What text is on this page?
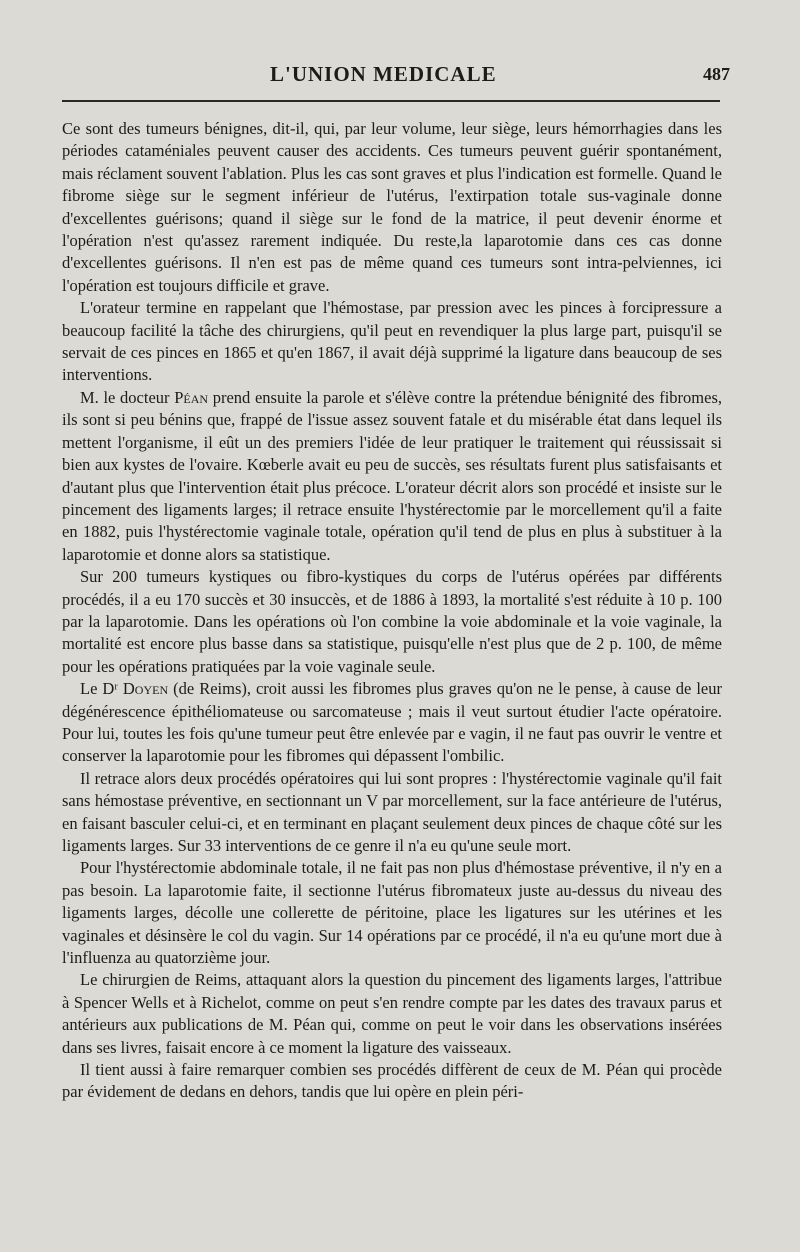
L'UNION MEDICALE	487

Ce sont des tumeurs bénignes, dit-il, qui, par leur volume, leur siège, leurs hémorrhagies dans les périodes cataméniales peuvent causer des accidents. Ces tumeurs peuvent guérir spontanément, mais réclament souvent l'ablation. Plus les cas sont graves et plus l'indication est formelle. Quand le fibrome siège sur le segment inférieur de l'utérus, l'extirpation totale sus-vaginale donne d'excellentes guérisons; quand il siège sur le fond de la matrice, il peut devenir énorme et l'opération n'est qu'assez rarement indiquée. Du reste,la laparotomie dans ces cas donne d'excellentes guérisons. Il n'en est pas de même quand ces tumeurs sont intra-pelviennes, ici l'opération est toujours difficile et grave.

L'orateur termine en rappelant que l'hémostase, par pression avec les pinces à forcipressure a beaucoup facilité la tâche des chirurgiens, qu'il peut en revendiquer la plus large part, puisqu'il se servait de ces pinces en 1865 et qu'en 1867, il avait déjà supprimé la ligature dans beaucoup de ses interventions.

M. le docteur Péan prend ensuite la parole et s'élève contre la prétendue bénignité des fibromes, ils sont si peu bénins que, frappé de l'issue assez souvent fatale et du misérable état dans lequel ils mettent l'organisme, il eût un des premiers l'idée de leur pratiquer le traitement qui réussissait si bien aux kystes de l'ovaire. Kœberle avait eu peu de succès, ses résultats furent plus satisfaisants et d'autant plus que l'intervention était plus précoce. L'orateur décrit alors son procédé et insiste sur le pincement des ligaments larges; il retrace ensuite l'hystérectomie par le morcellement qu'il a faite en 1882, puis l'hystérectomie vaginale totale, opération qu'il tend de plus en plus à substituer à la laparotomie et donne alors sa statistique.

Sur 200 tumeurs kystiques ou fibro-kystiques du corps de l'utérus opérées par différents procédés, il a eu 170 succès et 30 insuccès, et de 1886 à 1893, la mortalité s'est réduite à 10 p. 100 par la laparotomie. Dans les opérations où l'on combine la voie abdominale et la voie vaginale, la mortalité est encore plus basse dans sa statistique, puisqu'elle n'est plus que de 2 p. 100, de même pour les opérations pratiquées par la voie vaginale seule.

Le Dʳ Doyen (de Reims), croit aussi les fibromes plus graves qu'on ne le pense, à cause de leur dégénérescence épithéliomateuse ou sarcomateuse ; mais il veut surtout étudier l'acte opératoire. Pour lui, toutes les fois qu'une tumeur peut être enlevée par e vagin, il ne faut pas ouvrir le ventre et conserver la laparotomie pour les fibromes qui dépassent l'ombilic.

Il retrace alors deux procédés opératoires qui lui sont propres : l'hystérectomie vaginale qu'il fait sans hémostase préventive, en sectionnant un V par morcellement, sur la face antérieure de l'utérus, en faisant basculer celui-ci, et en terminant en plaçant seulement deux pinces de chaque côté sur les ligaments larges. Sur 33 interventions de ce genre il n'a eu qu'une seule mort.

Pour l'hystérectomie abdominale totale, il ne fait pas non plus d'hémostase préventive, il n'y en a pas besoin. La laparotomie faite, il sectionne l'utérus fibromateux juste au-dessus du niveau des ligaments larges, décolle une collerette de péritoine, place les ligatures sur les utérines et les vaginales et désinsère le col du vagin. Sur 14 opérations par ce procédé, il n'a eu qu'une mort due à l'influenza au quatorzième jour.

Le chirurgien de Reims, attaquant alors la question du pincement des ligaments larges, l'attribue à Spencer Wells et à Richelot, comme on peut s'en rendre compte par les dates des travaux parus et antérieurs aux publications de M. Péan qui, comme on peut le voir dans les observations insérées dans ses livres, faisait encore à ce moment la ligature des vaisseaux.

Il tient aussi à faire remarquer combien ses procédés diffèrent de ceux de M. Péan qui procède par évidement de dedans en dehors, tandis que lui opère en plein péri-
